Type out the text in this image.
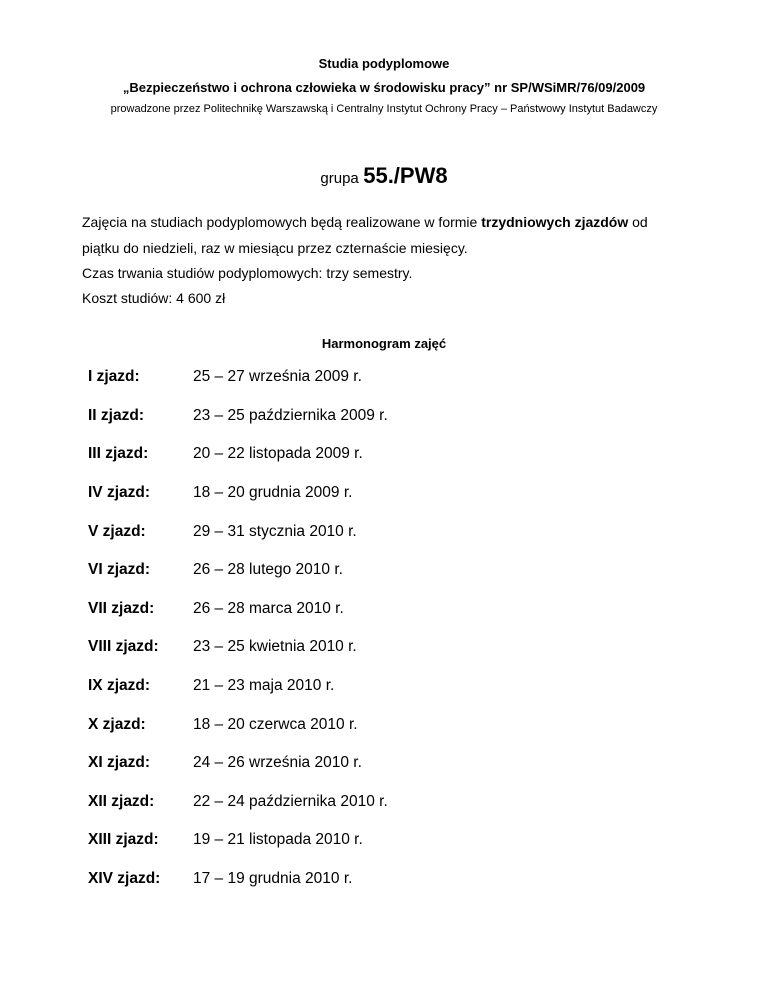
Studia podyplomowe
„Bezpieczeństwo i ochrona człowieka w środowisku pracy” nr SP/WSiMR/76/09/2009
prowadzone przez Politechnikę Warszawską i Centralny Instytut Ochrony Pracy – Państwowy Instytut Badawczy
grupa 55./PW8
Zajęcia na studiach podyplomowych będą realizowane w formie trzydniowych zjazdów od
piątku do niedzieli, raz w miesiącu przez czternaście miesięcy.
Czas trwania studiów podyplomowych: trzy semestry.
Koszt studiów: 4 600 zł
Harmonogram zajęć
I zjazd:	25 – 27 września 2009 r.
II zjazd:	23 – 25 października 2009 r.
III zjazd:	20 – 22 listopada 2009 r.
IV zjazd:	18 – 20 grudnia 2009 r.
V zjazd:	29 – 31 stycznia 2010 r.
VI zjazd:	26 – 28 lutego 2010 r.
VII zjazd:	26 – 28 marca 2010 r.
VIII zjazd:	23 – 25 kwietnia 2010 r.
IX zjazd:	21 – 23 maja 2010 r.
X zjazd:	18 – 20 czerwca 2010 r.
XI zjazd:	24 – 26 września 2010 r.
XII zjazd:	22 – 24 października 2010 r.
XIII zjazd:	19 – 21 listopada 2010 r.
XIV zjazd:	17 – 19 grudnia 2010 r.
